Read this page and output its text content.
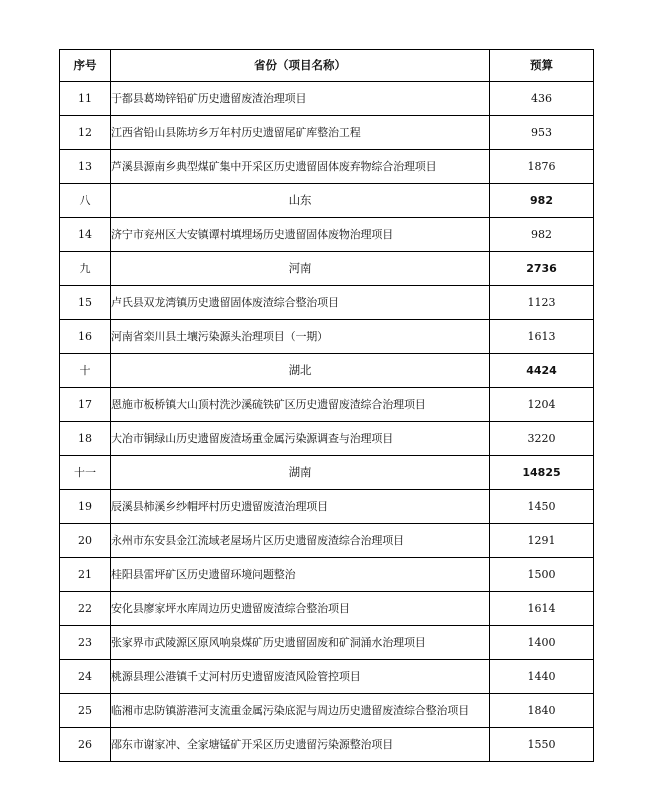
序号	省份（项目名称）	预算
11	于都县葛坳锌铅矿历史遗留废渣治理项目	436
12	江西省铅山县陈坊乡万年村历史遗留尾矿库整治工程	953
13	芦溪县源南乡典型煤矿集中开采区历史遗留固体废弃物综合治理项目	1876
八	山东	982
14	济宁市兖州区大安镇谭村填埋场历史遗留固体废物治理项目	982
九	河南	2736
15	卢氏县双龙湾镇历史遗留固体废渣综合整治项目	1123
16	河南省栾川县土壤污染源头治理项目（一期）	1613
十	湖北	4424
17	恩施市板桥镇大山顶村洗沙溪硫铁矿区历史遗留废渣综合治理项目	1204
18	大冶市铜绿山历史遗留废渣场重金属污染源调查与治理项目	3220
十一	湖南	14825
19	辰溪县柿溪乡纱帽坪村历史遗留废渣治理项目	1450
20	永州市东安县金江流域老屋场片区历史遗留废渣综合治理项目	1291
21	桂阳县雷坪矿区历史遗留环境问题整治	1500
22	安化县廖家坪水库周边历史遗留废渣综合整治项目	1614
23	张家界市武陵源区原风响泉煤矿历史遗留固废和矿洞涌水治理项目	1400
24	桃源县理公港镇千丈河村历史遗留废渣风险管控项目	1440
25	临湘市忠防镇游港河支流重金属污染底泥与周边历史遗留废渣综合整治项目	1840
26	邵东市谢家冲、全家塘锰矿开采区历史遗留污染源整治项目	1550
